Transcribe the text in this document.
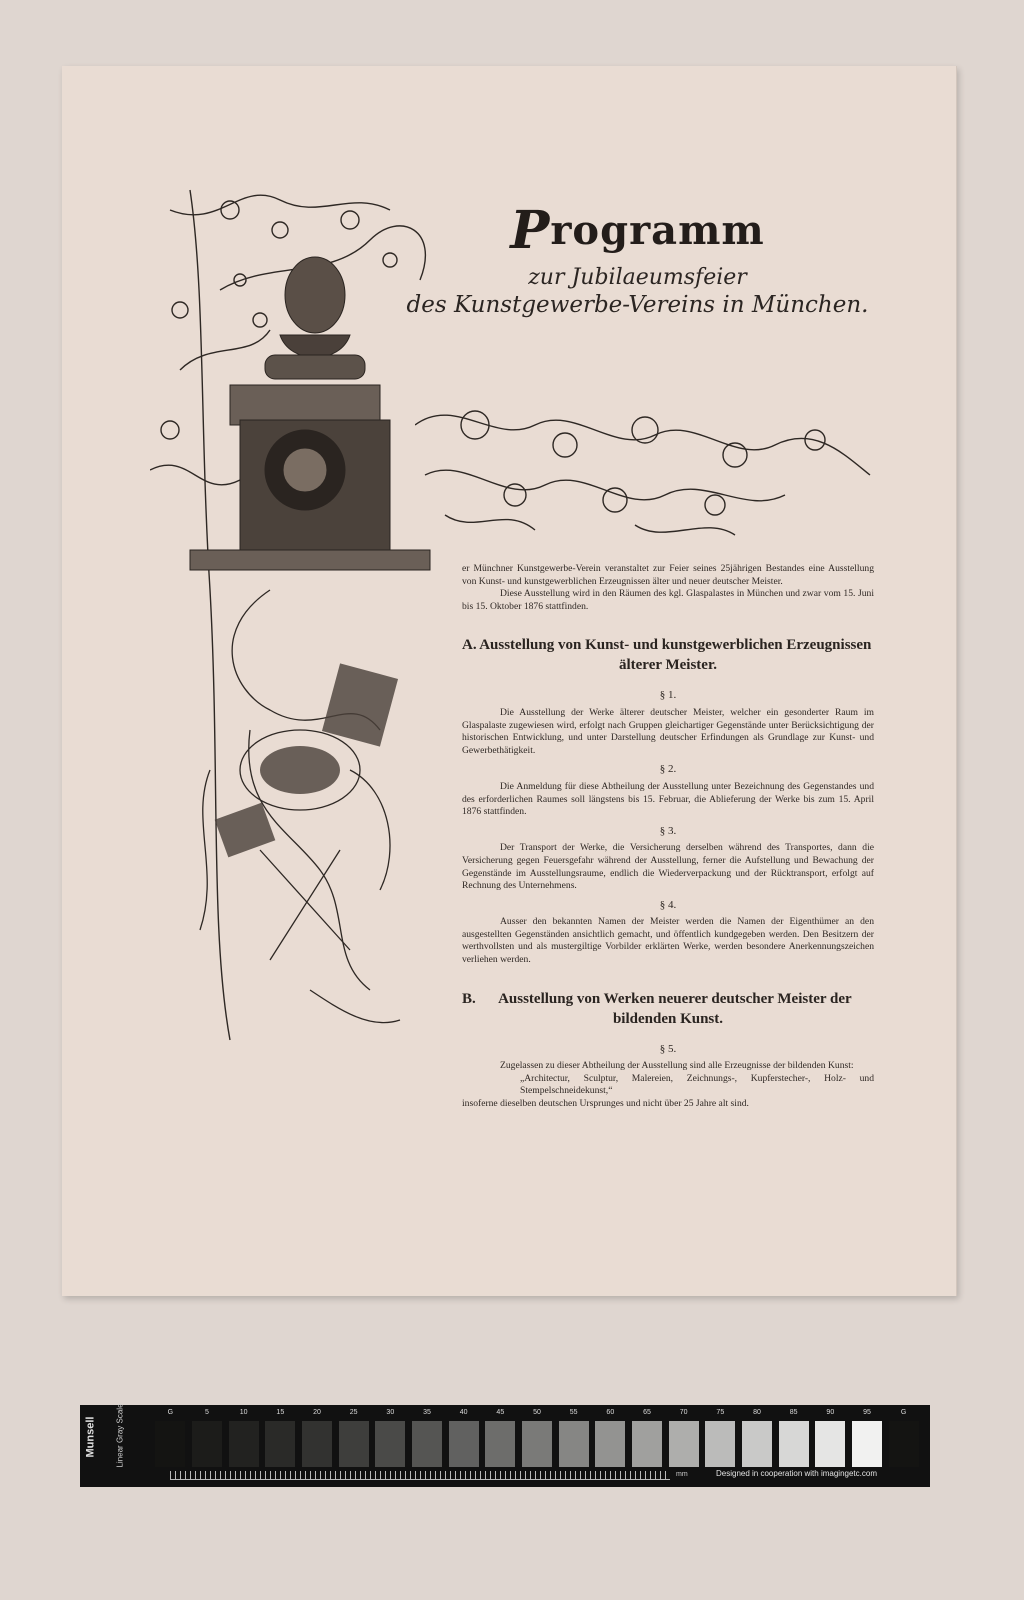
Programm
zur Jubilaeumsfeier
des Kunstgewerbe-Vereins in München.

er Münchner Kunstgewerbe-Verein veranstaltet zur Feier seines 25jährigen Bestandes eine Ausstellung von Kunst- und kunstgewerblichen Erzeugnissen älter und neuer deutscher Meister.

Diese Ausstellung wird in den Räumen des kgl. Glaspalastes in München und zwar vom 15. Juni bis 15. Oktober 1876 stattfinden.

A. Ausstellung von Kunst- und kunstgewerblichen Erzeugnissen älterer Meister.
§ 1.

Die Ausstellung der Werke älterer deutscher Meister, welcher ein gesonderter Raum im Glaspalaste zugewiesen wird, erfolgt nach Gruppen gleichartiger Gegenstände unter Berücksichtigung der historischen Entwicklung, und unter Darstellung deutscher Erfindungen als Grundlage zur Kunst- und Gewerbethätigkeit.

§ 2.

Die Anmeldung für diese Abtheilung der Ausstellung unter Bezeichnung des Gegenstandes und des erforderlichen Raumes soll längstens bis 15. Februar, die Ablieferung der Werke bis zum 15. April 1876 stattfinden.

§ 3.

Der Transport der Werke, die Versicherung derselben während des Transportes, dann die Versicherung gegen Feuersgefahr während der Ausstellung, ferner die Aufstellung und Bewachung der Gegenstände im Ausstellungsraume, endlich die Wiederverpackung und der Rücktransport, erfolgt auf Rechnung des Unternehmens.

§ 4.

Ausser den bekannten Namen der Meister werden die Namen der Eigenthümer an den ausgestellten Gegenständen ansichtlich gemacht, und öffentlich kundgegeben werden. Den Besitzern der werthvollsten und als mustergiltige Vorbilder erklärten Werke, werden besondere Anerkennungszeichen verliehen werden.

B. Ausstellung von Werken neuerer deutscher Meister der bildenden Kunst.
§ 5.

Zugelassen zu dieser Abtheilung der Ausstellung sind alle Erzeugnisse der bildenden Kunst:

„Architectur, Sculptur, Malereien, Zeichnungs-, Kupferstecher-, Holz- und Stempelschneidekunst,“

insoferne dieselben deutschen Ursprunges und nicht über 25 Jahre alt sind.

Munsell Linear Gray Scale	G	5	10	15	20	25	30	35	40	45	50	55	60	65	70	75	80	85	90	95	G
mm	Designed in cooperation with imagingetc.com
